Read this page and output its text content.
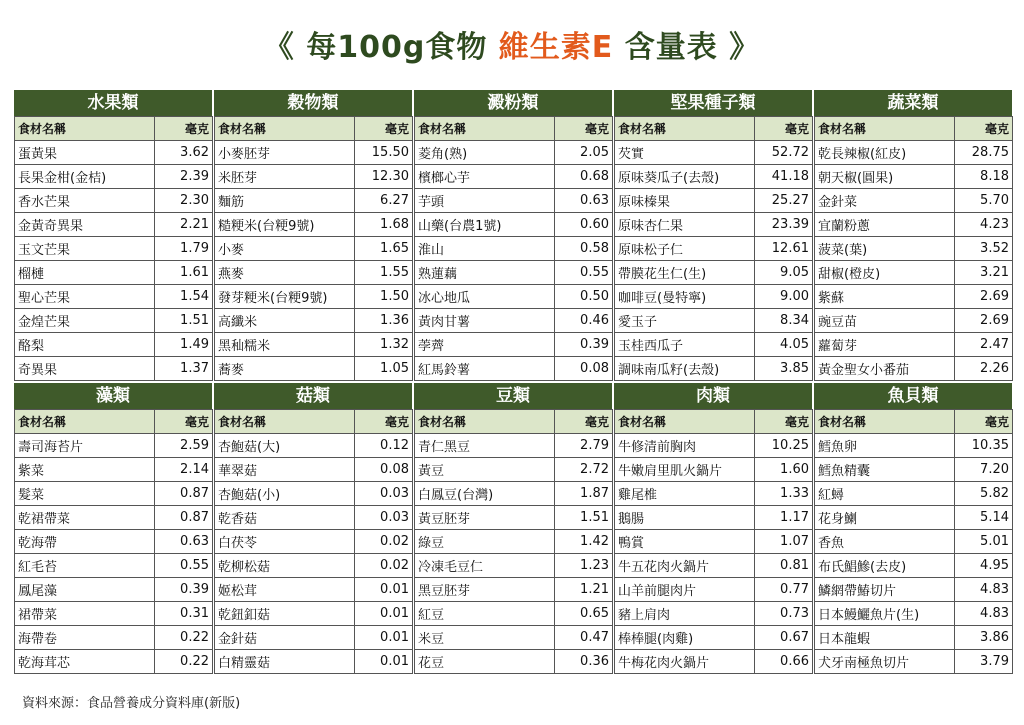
《 每100g食物 維生素E 含量表 》
水果類
食材名稱	毫克
蛋黃果	3.62
長果金柑(金桔)	2.39
香水芒果	2.30
金黃奇異果	2.21
玉文芒果	1.79
榴槤	1.61
聖心芒果	1.54
金煌芒果	1.51
酪梨	1.49
奇異果	1.37
穀物類
食材名稱	毫克
小麥胚芽	15.50
米胚芽	12.30
麵筋	6.27
糙粳米(台粳9號)	1.68
小麥	1.65
燕麥	1.55
發芽粳米(台粳9號)	1.50
高纖米	1.36
黑秈糯米	1.32
蕎麥	1.05
澱粉類
食材名稱	毫克
菱角(熟)	2.05
檳榔心芋	0.68
芋頭	0.63
山藥(台農1號)	0.60
淮山	0.58
熟蓮藕	0.55
冰心地瓜	0.50
黃肉甘薯	0.46
荸薺	0.39
紅馬鈴薯	0.08
堅果種子類
食材名稱	毫克
芡實	52.72
原味葵瓜子(去殼)	41.18
原味榛果	25.27
原味杏仁果	23.39
原味松子仁	12.61
帶膜花生仁(生)	9.05
咖啡豆(曼特寧)	9.00
愛玉子	8.34
玉桂西瓜子	4.05
調味南瓜籽(去殼)	3.85
蔬菜類
食材名稱	毫克
乾長辣椒(紅皮)	28.75
朝天椒(圓果)	8.18
金針菜	5.70
宜蘭粉蔥	4.23
菠菜(葉)	3.52
甜椒(橙皮)	3.21
紫蘇	2.69
豌豆苗	2.69
蘿蔔芽	2.47
黃金聖女小番茄	2.26
藻類
食材名稱	毫克
壽司海苔片	2.59
紫菜	2.14
髮菜	0.87
乾裙帶菜	0.87
乾海帶	0.63
紅毛苔	0.55
鳳尾藻	0.39
裙帶菜	0.31
海帶卷	0.22
乾海茸芯	0.22
菇類
食材名稱	毫克
杏鮑菇(大)	0.12
華翠菇	0.08
杏鮑菇(小)	0.03
乾香菇	0.03
白茯苓	0.02
乾柳松菇	0.02
姬松茸	0.01
乾鈕釦菇	0.01
金針菇	0.01
白精靈菇	0.01
豆類
食材名稱	毫克
青仁黑豆	2.79
黃豆	2.72
白鳳豆(台灣)	1.87
黃豆胚芽	1.51
綠豆	1.42
冷凍毛豆仁	1.23
黑豆胚芽	1.21
紅豆	0.65
米豆	0.47
花豆	0.36
肉類
食材名稱	毫克
牛修清前胸肉	10.25
牛嫩肩里肌火鍋片	1.60
雞尾椎	1.33
鵝腸	1.17
鴨賞	1.07
牛五花肉火鍋片	0.81
山羊前腿肉片	0.77
豬上肩肉	0.73
棒棒腿(肉雞)	0.67
牛梅花肉火鍋片	0.66
魚貝類
食材名稱	毫克
鱈魚卵	10.35
鱈魚精囊	7.20
紅蟳	5.82
花身鯻	5.14
香魚	5.01
布氏鯧鰺(去皮)	4.95
鱗網帶鰆切片	4.83
日本鰻鱺魚片(生)	4.83
日本龍蝦	3.86
犬牙南極魚切片	3.79
資料來源：食品營養成分資料庫(新版)
